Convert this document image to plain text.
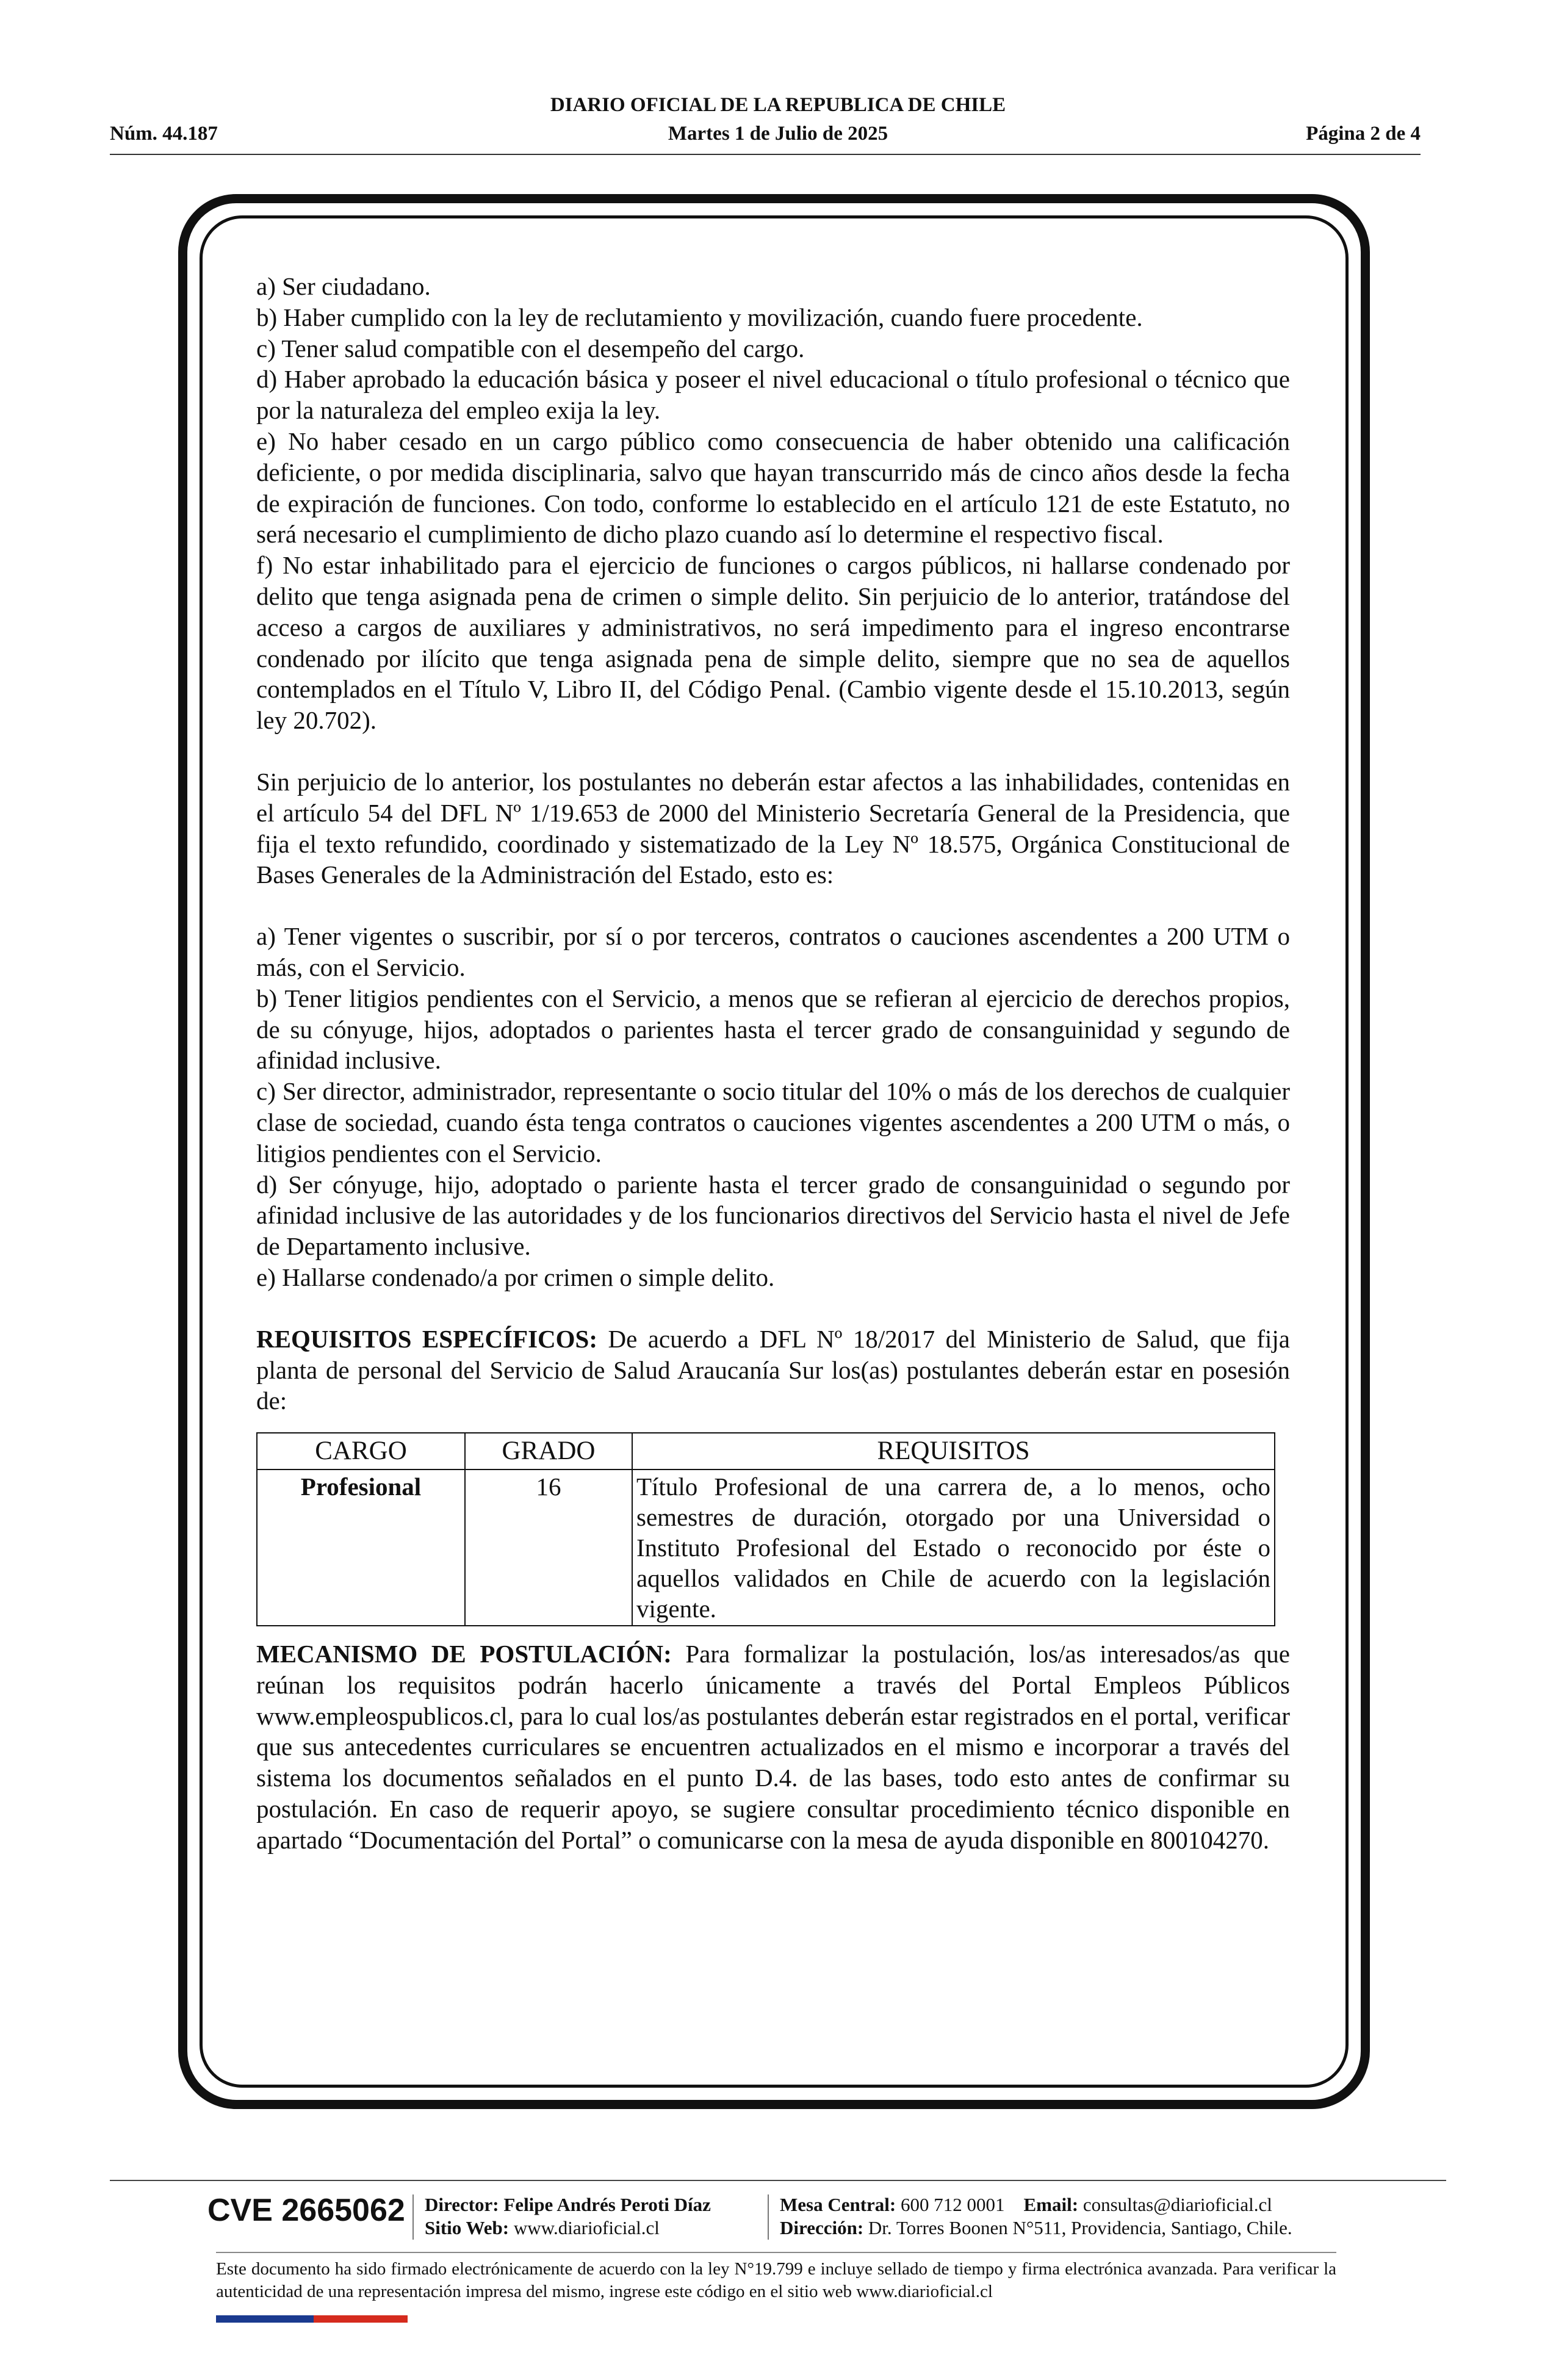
DIARIO OFICIAL DE LA REPUBLICA DE CHILE
Núm. 44.187	Martes 1 de Julio de 2025	Página 2 de 4

a) Ser ciudadano.

b) Haber cumplido con la ley de reclutamiento y movilización, cuando fuere procedente.

c) Tener salud compatible con el desempeño del cargo.

d) Haber aprobado la educación básica y poseer el nivel educacional o título profesional o técnico que por la naturaleza del empleo exija la ley.

e) No haber cesado en un cargo público como consecuencia de haber obtenido una calificación deficiente, o por medida disciplinaria, salvo que hayan transcurrido más de cinco años desde la fecha de expiración de funciones. Con todo, conforme lo establecido en el artículo 121 de este Estatuto, no será necesario el cumplimiento de dicho plazo cuando así lo determine el respectivo fiscal.

f) No estar inhabilitado para el ejercicio de funciones o cargos públicos, ni hallarse condenado por delito que tenga asignada pena de crimen o simple delito. Sin perjuicio de lo anterior, tratándose del acceso a cargos de auxiliares y administrativos, no será impedimento para el ingreso encontrarse condenado por ilícito que tenga asignada pena de simple delito, siempre que no sea de aquellos contemplados en el Título V, Libro II, del Código Penal. (Cambio vigente desde el 15.10.2013, según ley 20.702).

Sin perjuicio de lo anterior, los postulantes no deberán estar afectos a las inhabilidades, contenidas en el artículo 54 del DFL Nº 1/19.653 de 2000 del Ministerio Secretaría General de la Presidencia, que fija el texto refundido, coordinado y sistematizado de la Ley Nº 18.575, Orgánica Constitucional de Bases Generales de la Administración del Estado, esto es:

a) Tener vigentes o suscribir, por sí o por terceros, contratos o cauciones ascendentes a 200 UTM o más, con el Servicio.

b) Tener litigios pendientes con el Servicio, a menos que se refieran al ejercicio de derechos propios, de su cónyuge, hijos, adoptados o parientes hasta el tercer grado de consanguinidad y segundo de afinidad inclusive.

c) Ser director, administrador, representante o socio titular del 10% o más de los derechos de cualquier clase de sociedad, cuando ésta tenga contratos o cauciones vigentes ascendentes a 200 UTM o más, o litigios pendientes con el Servicio.

d) Ser cónyuge, hijo, adoptado o pariente hasta el tercer grado de consanguinidad o segundo por afinidad inclusive de las autoridades y de los funcionarios directivos del Servicio hasta el nivel de Jefe de Departamento inclusive.

e) Hallarse condenado/a por crimen o simple delito.

REQUISITOS ESPECÍFICOS: De acuerdo a DFL Nº 18/2017 del Ministerio de Salud, que fija planta de personal del Servicio de Salud Araucanía Sur los(as) postulantes deberán estar en posesión de:

CARGO	GRADO	REQUISITOS
Profesional	16	Título Profesional de una carrera de, a lo menos, ocho semestres de duración, otorgado por una Universidad o Instituto Profesional del Estado o reconocido por éste o aquellos validados en Chile de acuerdo con la legislación vigente.

MECANISMO DE POSTULACIÓN: Para formalizar la postulación, los/as interesados/as que reúnan los requisitos podrán hacerlo únicamente a través del Portal Empleos Públicos www.empleospublicos.cl, para lo cual los/as postulantes deberán estar registrados en el portal, verificar que sus antecedentes curriculares se encuentren actualizados en el mismo e incorporar a través del sistema los documentos señalados en el punto D.4. de las bases, todo esto antes de confirmar su postulación. En caso de requerir apoyo, se sugiere consultar procedimiento técnico disponible en apartado “Documentación del Portal” o comunicarse con la mesa de ayuda disponible en 800104270.

CVE 2665062 Director: Felipe Andrés Peroti Díaz
Sitio Web: www.diarioficial.cl
Mesa Central: 600 712 0001 Email: consultas@diarioficial.cl
Dirección: Dr. Torres Boonen N°511, Providencia, Santiago, Chile.
Este documento ha sido firmado electrónicamente de acuerdo con la ley N°19.799 e incluye sellado de tiempo y firma electrónica avanzada. Para verificar la autenticidad de una representación impresa del mismo, ingrese este código en el sitio web www.diarioficial.cl
